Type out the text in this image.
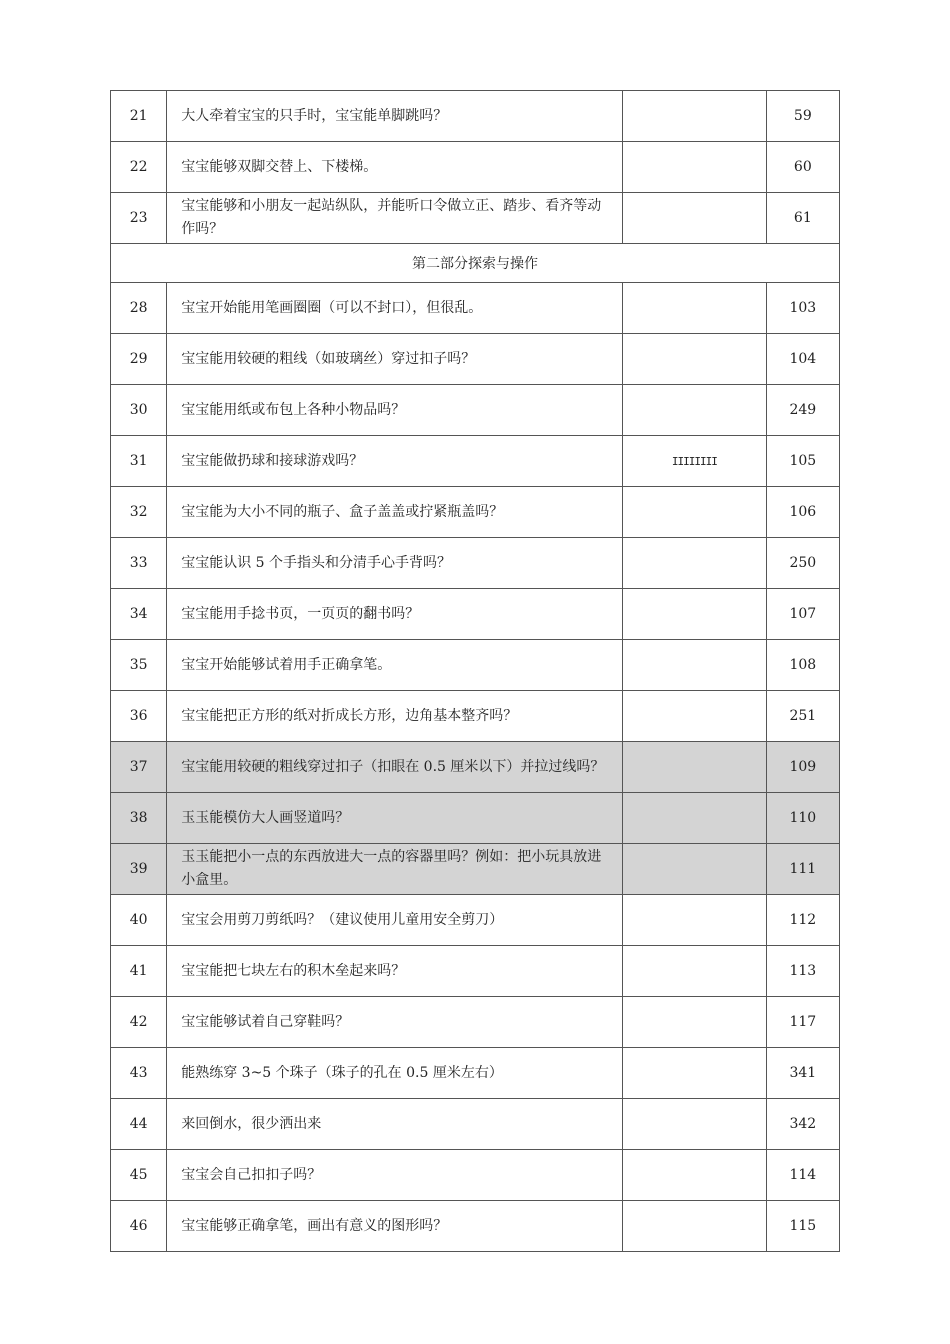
21	大人牵着宝宝的只手时，宝宝能单脚跳吗？		59
22	宝宝能够双脚交替上、下楼梯。		60
23	宝宝能够和小朋友一起站纵队，并能听口令做立正、踏步、看齐等动作吗？		61
第二部分探索与操作			
28	宝宝开始能用笔画圈圈（可以不封口），但很乱。		103
29	宝宝能用较硬的粗线（如玻璃丝）穿过扣子吗？		104
30	宝宝能用纸或布包上各种小物品吗？		249
31	宝宝能做扔球和接球游戏吗？	IIIIIIII	105
32	宝宝能为大小不同的瓶子、盒子盖盖或拧紧瓶盖吗？		106
33	宝宝能认识 5 个手指头和分清手心手背吗？		250
34	宝宝能用手捻书页，一页页的翻书吗？		107
35	宝宝开始能够试着用手正确拿笔。		108
36	宝宝能把正方形的纸对折成长方形，边角基本整齐吗？		251
37	宝宝能用较硬的粗线穿过扣子（扣眼在 0.5 厘米以下）并拉过线吗？		109
38	玉玉能模仿大人画竖道吗？		110
39	玉玉能把小一点的东西放进大一点的容器里吗？例如：把小玩具放进小盒里。		111
40	宝宝会用剪刀剪纸吗？（建议使用儿童用安全剪刀）		112
41	宝宝能把七块左右的积木垒起来吗？		113
42	宝宝能够试着自己穿鞋吗？		117
43	能熟练穿 3~5 个珠子（珠子的孔在 0.5 厘米左右）		341
44	来回倒水，很少洒出来		342
45	宝宝会自己扣扣子吗？		114
46	宝宝能够正确拿笔，画出有意义的图形吗？		115
